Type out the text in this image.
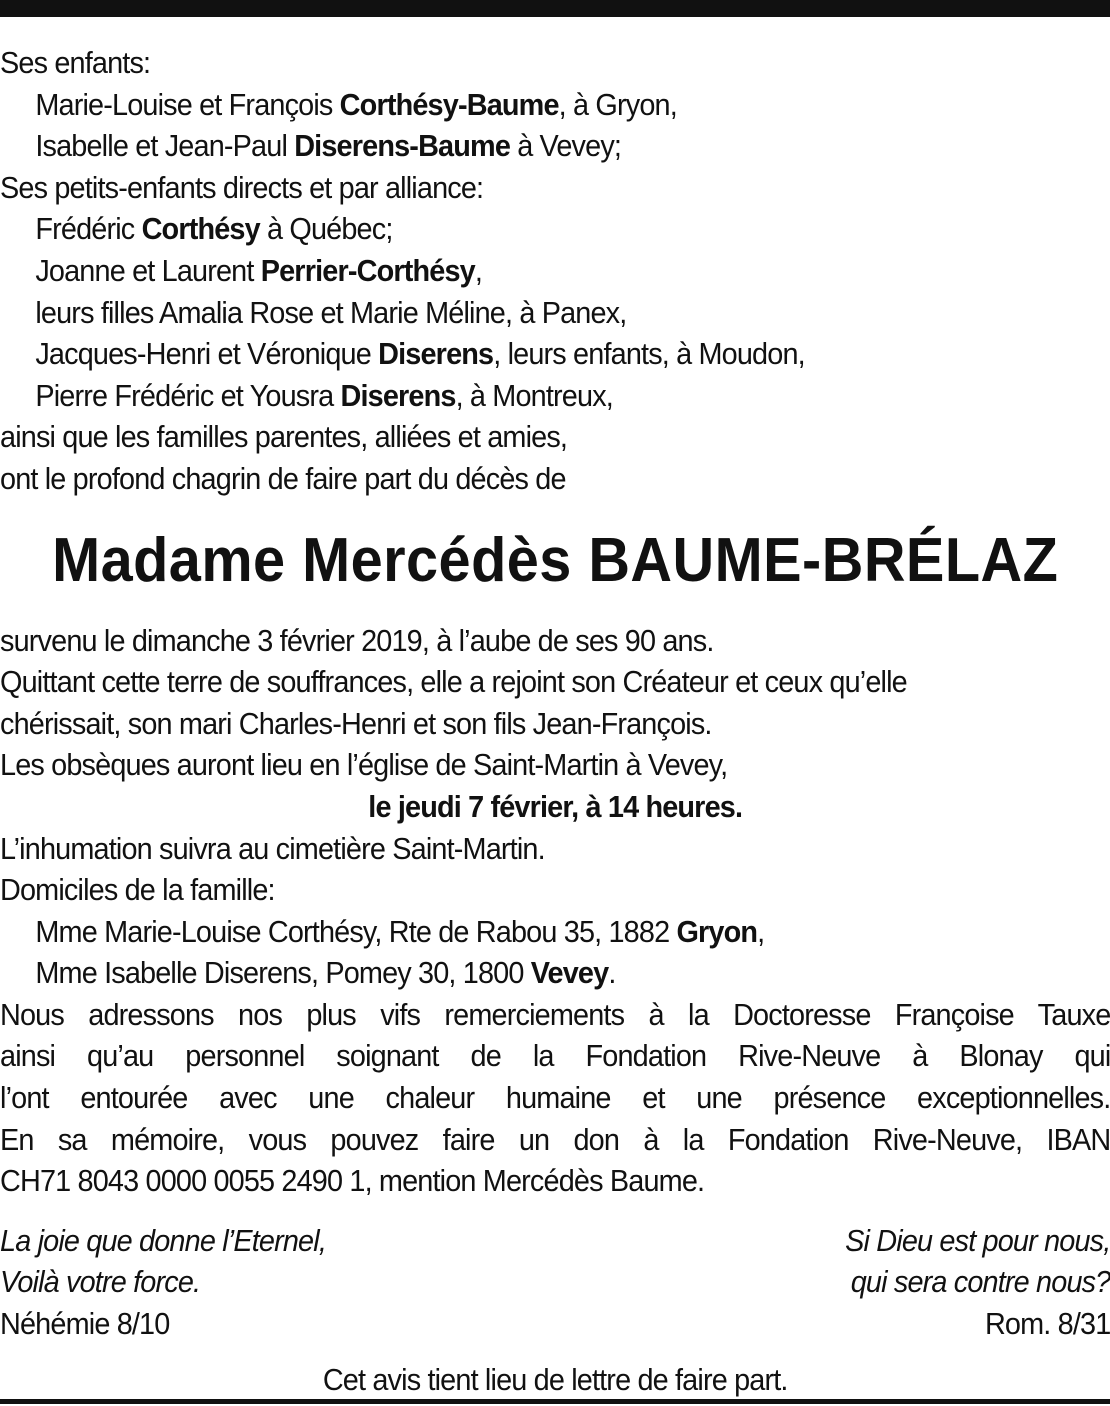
Ses enfants:
Marie-Louise et François Corthésy-Baume, à Gryon,
Isabelle et Jean-Paul Diserens-Baume à Vevey;
Ses petits-enfants directs et par alliance:
Frédéric Corthésy à Québec;
Joanne et Laurent Perrier-Corthésy,
leurs filles Amalia Rose et Marie Méline, à Panex,
Jacques-Henri et Véronique Diserens, leurs enfants, à Moudon,
Pierre Frédéric et Yousra Diserens, à Montreux,
ainsi que les familles parentes, alliées et amies,
ont le profond chagrin de faire part du décès de
Madame Mercédès BAUME-BRÉLAZ
survenu le dimanche 3 février 2019, à l’aube de ses 90 ans.
Quittant cette terre de souffrances, elle a rejoint son Créateur et ceux qu’elle
chérissait, son mari Charles-Henri et son fils Jean-François.
Les obsèques auront lieu en l’église de Saint-Martin à Vevey,
le jeudi 7 février, à 14 heures.
L’inhumation suivra au cimetière Saint-Martin.
Domiciles de la famille:
Mme Marie-Louise Corthésy, Rte de Rabou 35, 1882 Gryon,
Mme Isabelle Diserens, Pomey 30, 1800 Vevey.
Nous adressons nos plus vifs remerciements à la Doctoresse Françoise Tauxe
ainsi qu’au personnel soignant de la Fondation Rive-Neuve à Blonay qui
l’ont entourée avec une chaleur humaine et une présence exceptionnelles.
En sa mémoire, vous pouvez faire un don à la Fondation Rive-Neuve, IBAN
CH71 8043 0000 0055 2490 1, mention Mercédès Baume.
La joie que donne l’Eternel,	Si Dieu est pour nous,
Voilà votre force.	qui sera contre nous?
Néhémie 8/10	Rom. 8/31
Cet avis tient lieu de lettre de faire part.
